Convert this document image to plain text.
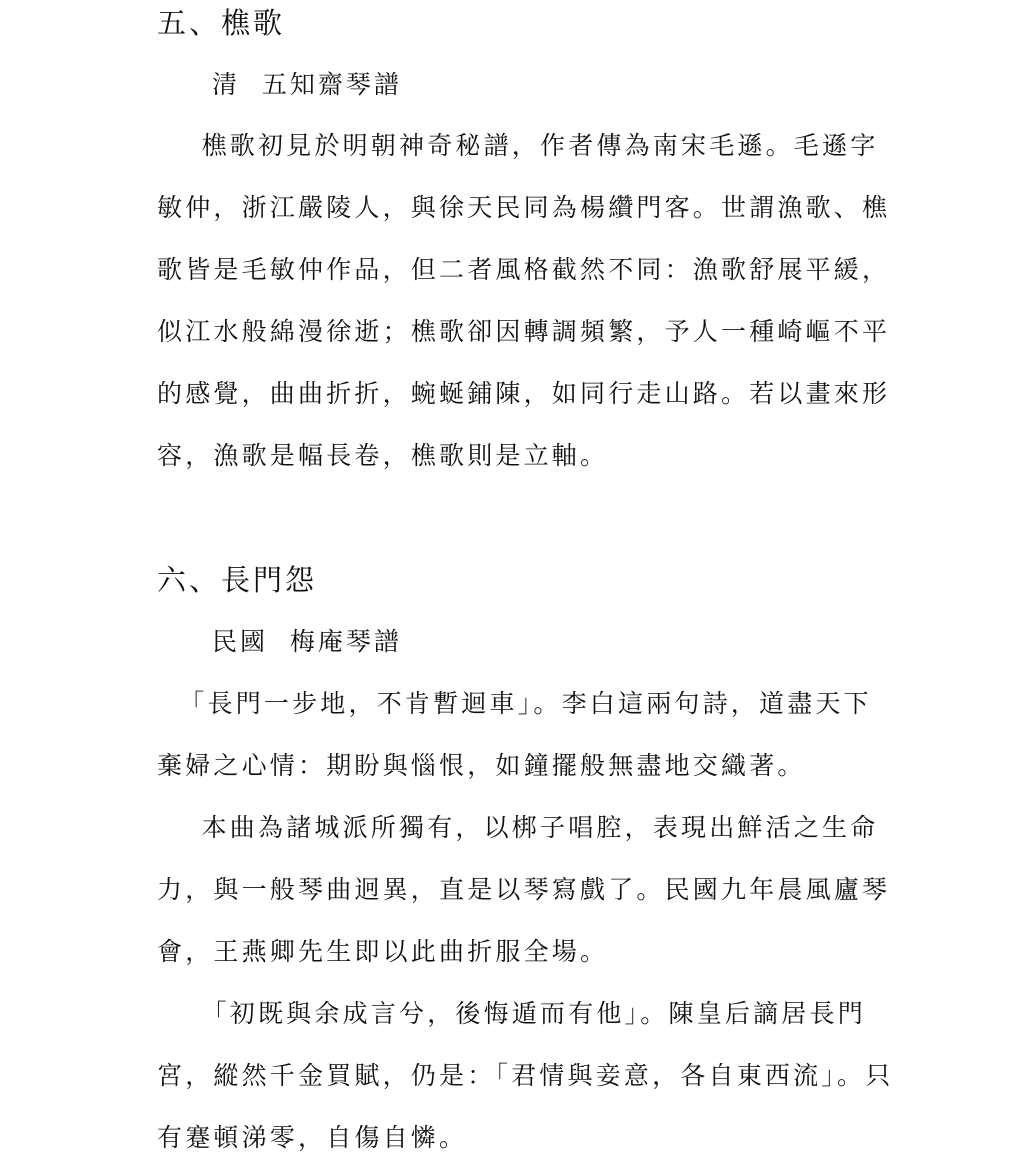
五、樵歌
清  五知齋琴譜
樵歌初見於明朝神奇秘譜，作者傳為南宋毛遜。毛遜字
敏仲，浙江嚴陵人，與徐天民同為楊纘門客。世謂漁歌、樵
歌皆是毛敏仲作品，但二者風格截然不同：漁歌舒展平緩，
似江水般綿漫徐逝；樵歌卻因轉調頻繁，予人一種崎嶇不平
的感覺，曲曲折折，蜿蜒鋪陳，如同行走山路。若以畫來形
容，漁歌是幅長卷，樵歌則是立軸。
六、長門怨
民國  梅庵琴譜
「長門一步地，不肯暫迴車」。李白這兩句詩，道盡天下
棄婦之心情：期盼與惱恨，如鐘擺般無盡地交織著。
本曲為諸城派所獨有，以梆子唱腔，表現出鮮活之生命
力，與一般琴曲迥異，直是以琴寫戲了。民國九年晨風廬琴
會，王燕卿先生即以此曲折服全場。
「初既與余成言兮，後悔遁而有他」。陳皇后謫居長門
宮，縱然千金買賦，仍是：「君情與妾意，各自東西流」。只
有蹇頓涕零，自傷自憐。
